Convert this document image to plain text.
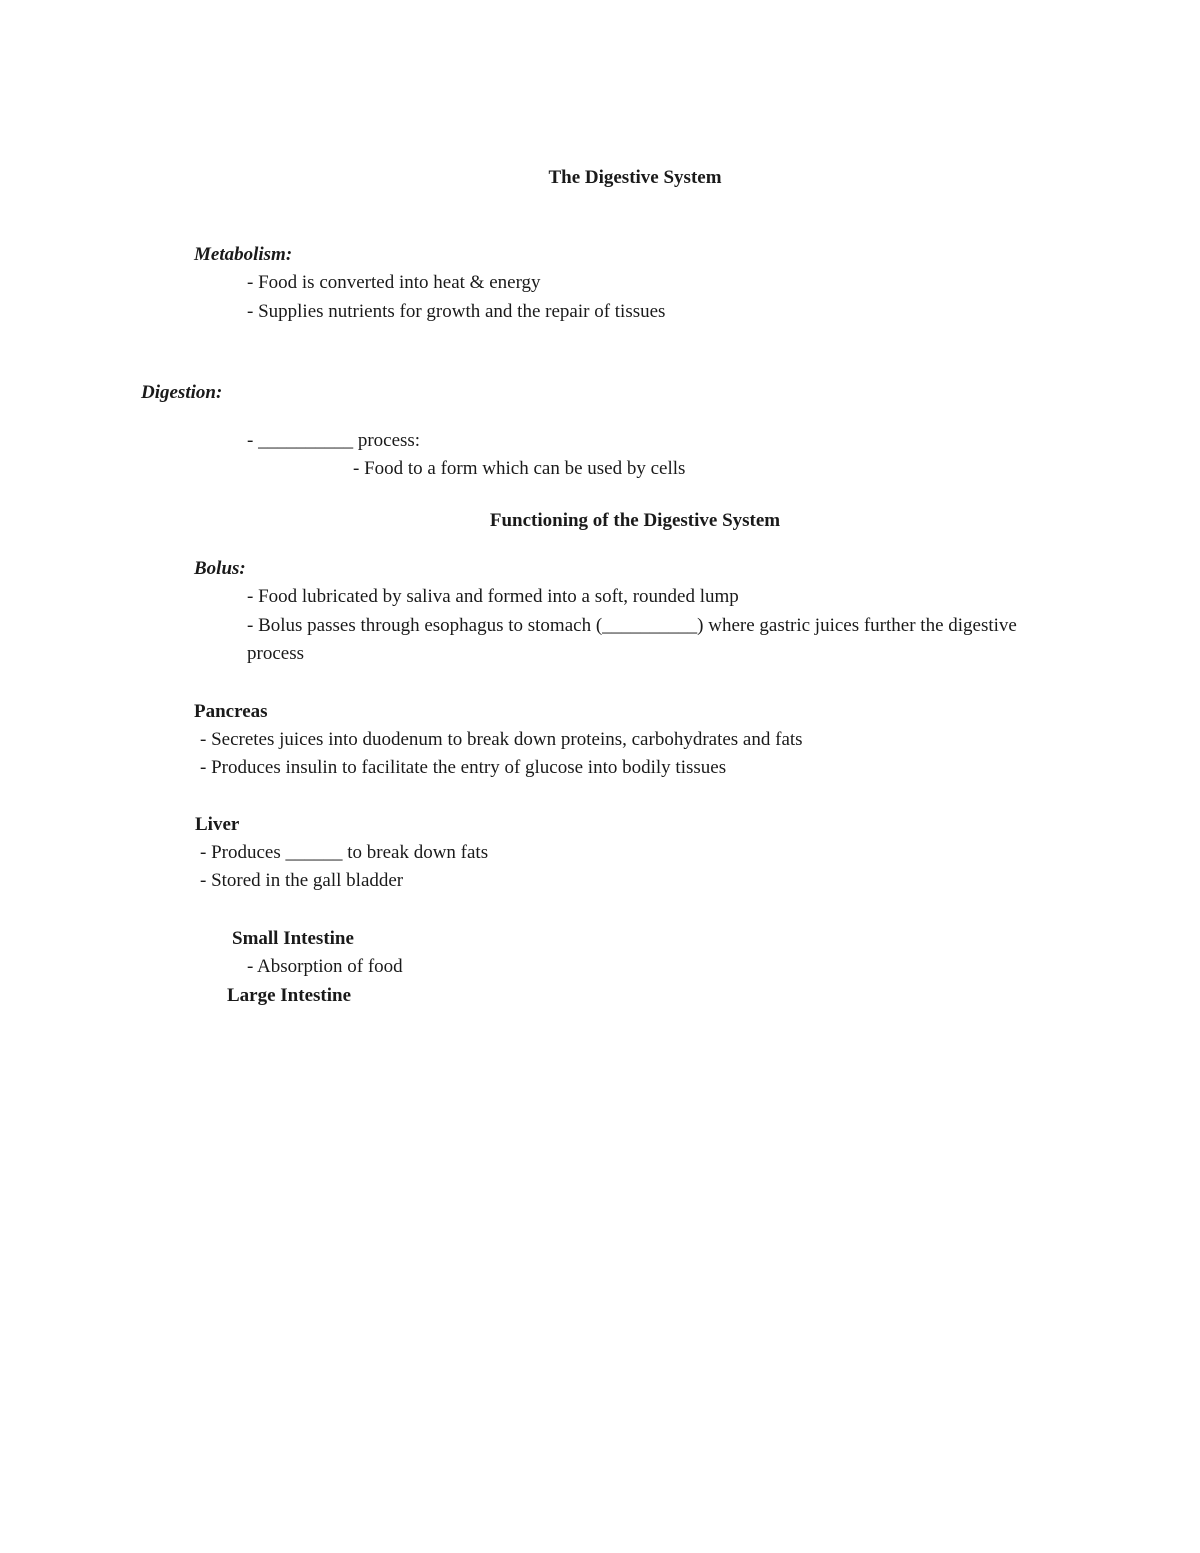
The Digestive System
Metabolism:
- Food is converted into heat & energy
- Supplies nutrients for growth and the repair of tissues
Digestion:
- __________ process:
- Food to a form which can be used by cells
Functioning of the Digestive System
Bolus:
- Food lubricated by saliva and formed into a soft, rounded lump
- Bolus passes through esophagus to stomach (__________) where gastric juices further the digestive
process
Pancreas
- Secretes juices into duodenum to break down proteins, carbohydrates and fats
- Produces insulin to facilitate the entry of glucose into bodily tissues
Liver
- Produces ______ to break down fats
- Stored in the gall bladder
Small Intestine
- Absorption of food
Large Intestine
